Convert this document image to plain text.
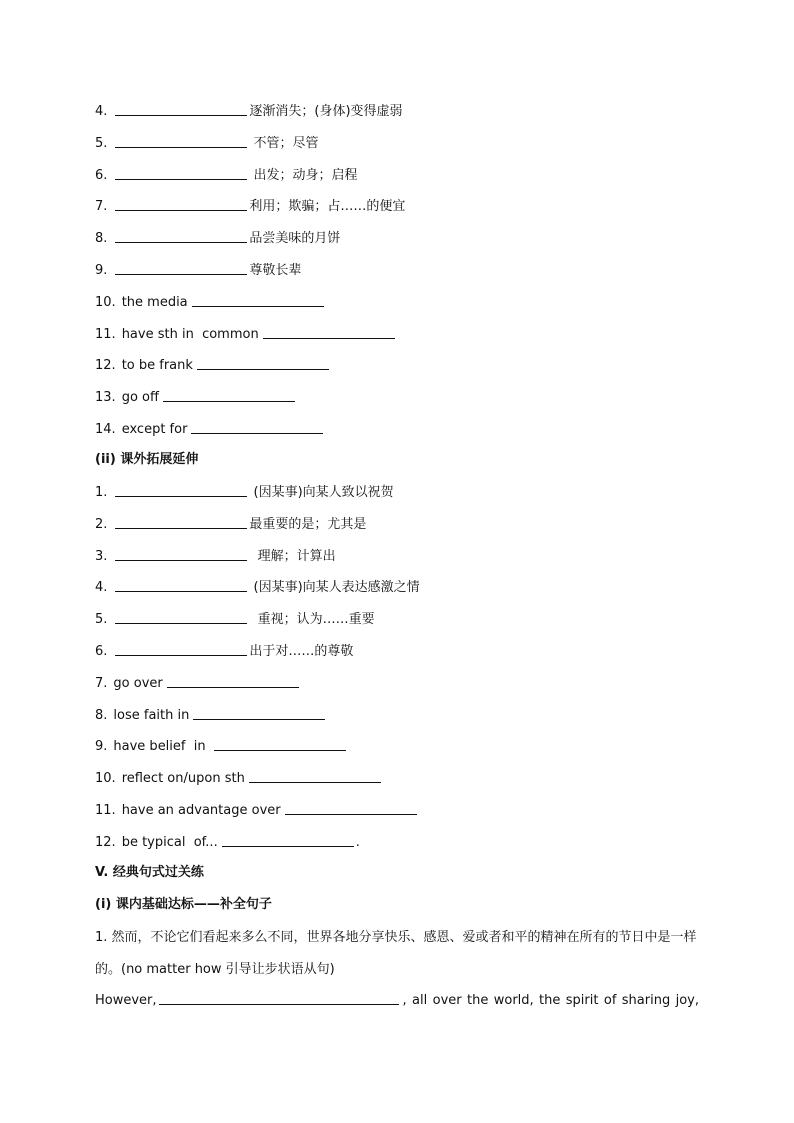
4.	逐渐消失；(身体)变得虚弱
5.	不管；尽管
6.	出发；动身；启程
7.	利用；欺骗；占……的便宜
8.	品尝美味的月饼
9.	尊敬长辈
10. the media
11. have sth in  common
12. to be frank
13. go off
14. except for
(ii) 课外拓展延伸
1.	(因某事)向某人致以祝贺
2.	最重要的是；尤其是
3.	理解；计算出
4.	(因某事)向某人表达感激之情
5.	重视；认为……重要
6.	出于对……的尊敬
7. go over
8. lose faith in
9. have belief  in
10. reflect on/upon sth
11. have an advantage over
12. be typical  of...	.
V. 经典句式过关练
(i) 课内基础达标——补全句子
1. 然而，不论它们看起来多么不同，世界各地分享快乐、感恩、爱或者和平的精神在所有的节日中是一样的。(no matter how 引导让步状语从句)
However,	, all over the world, the spirit of sharing joy,
